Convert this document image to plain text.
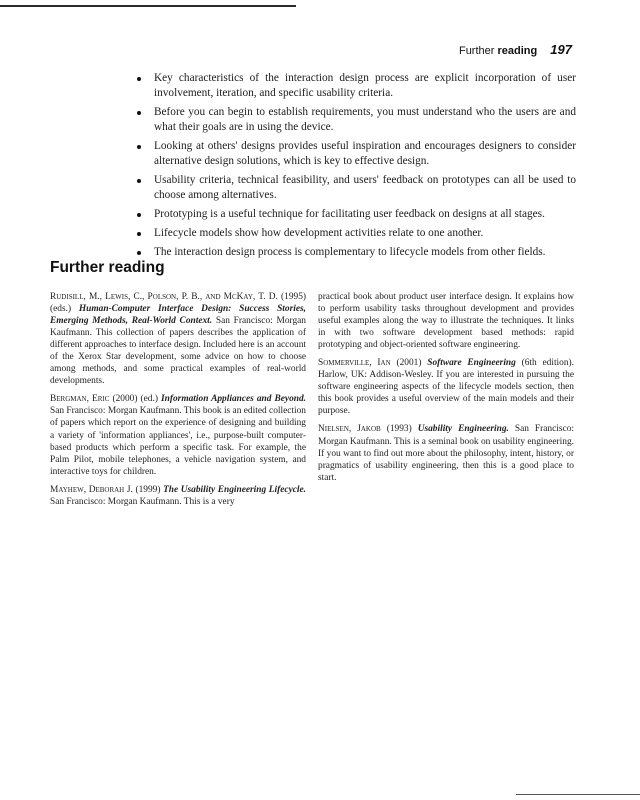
Further reading 197
Key characteristics of the interaction design process are explicit incorporation of user involvement, iteration, and specific usability criteria.
Before you can begin to establish requirements, you must understand who the users are and what their goals are in using the device.
Looking at others' designs provides useful inspiration and encourages designers to consider alternative design solutions, which is key to effective design.
Usability criteria, technical feasibility, and users' feedback on prototypes can all be used to choose among alternatives.
Prototyping is a useful technique for facilitating user feedback on designs at all stages.
Lifecycle models show how development activities relate to one another.
The interaction design process is complementary to lifecycle models from other fields.
Further reading

Rudisill, M., Lewis, C., Polson, P. B., and McKay, T. D. (1995) (eds.) Human-Computer Interface Design: Success Stories, Emerging Methods, Real-World Context. San Francisco: Morgan Kaufmann. This collection of papers describes the application of different approaches to interface design. Included here is an account of the Xerox Star development, some advice on how to choose among methods, and some practical examples of real-world developments.

Bergman, Eric (2000) (ed.) Information Appliances and Beyond. San Francisco: Morgan Kaufmann. This book is an edited collection of papers which report on the experience of designing and building a variety of 'information appliances', i.e., purpose-built computer-based products which perform a specific task. For example, the Palm Pilot, mobile telephones, a vehicle navigation system, and interactive toys for children.

Mayhew, Deborah J. (1999) The Usability Engineering Lifecycle. San Francisco: Morgan Kaufmann. This is a very

practical book about product user interface design. It explains how to perform usability tasks throughout development and provides useful examples along the way to illustrate the techniques. It links in with two software development based methods: rapid prototyping and object-oriented software engineering.

Sommerville, Ian (2001) Software Engineering (6th edition). Harlow, UK: Addison-Wesley. If you are interested in pursuing the software engineering aspects of the lifecycle models section, then this book provides a useful overview of the main models and their purpose.

Nielsen, Jakob (1993) Usability Engineering. San Francisco: Morgan Kaufmann. This is a seminal book on usability engineering. If you want to find out more about the philosophy, intent, history, or pragmatics of usability engineering, then this is a good place to start.
